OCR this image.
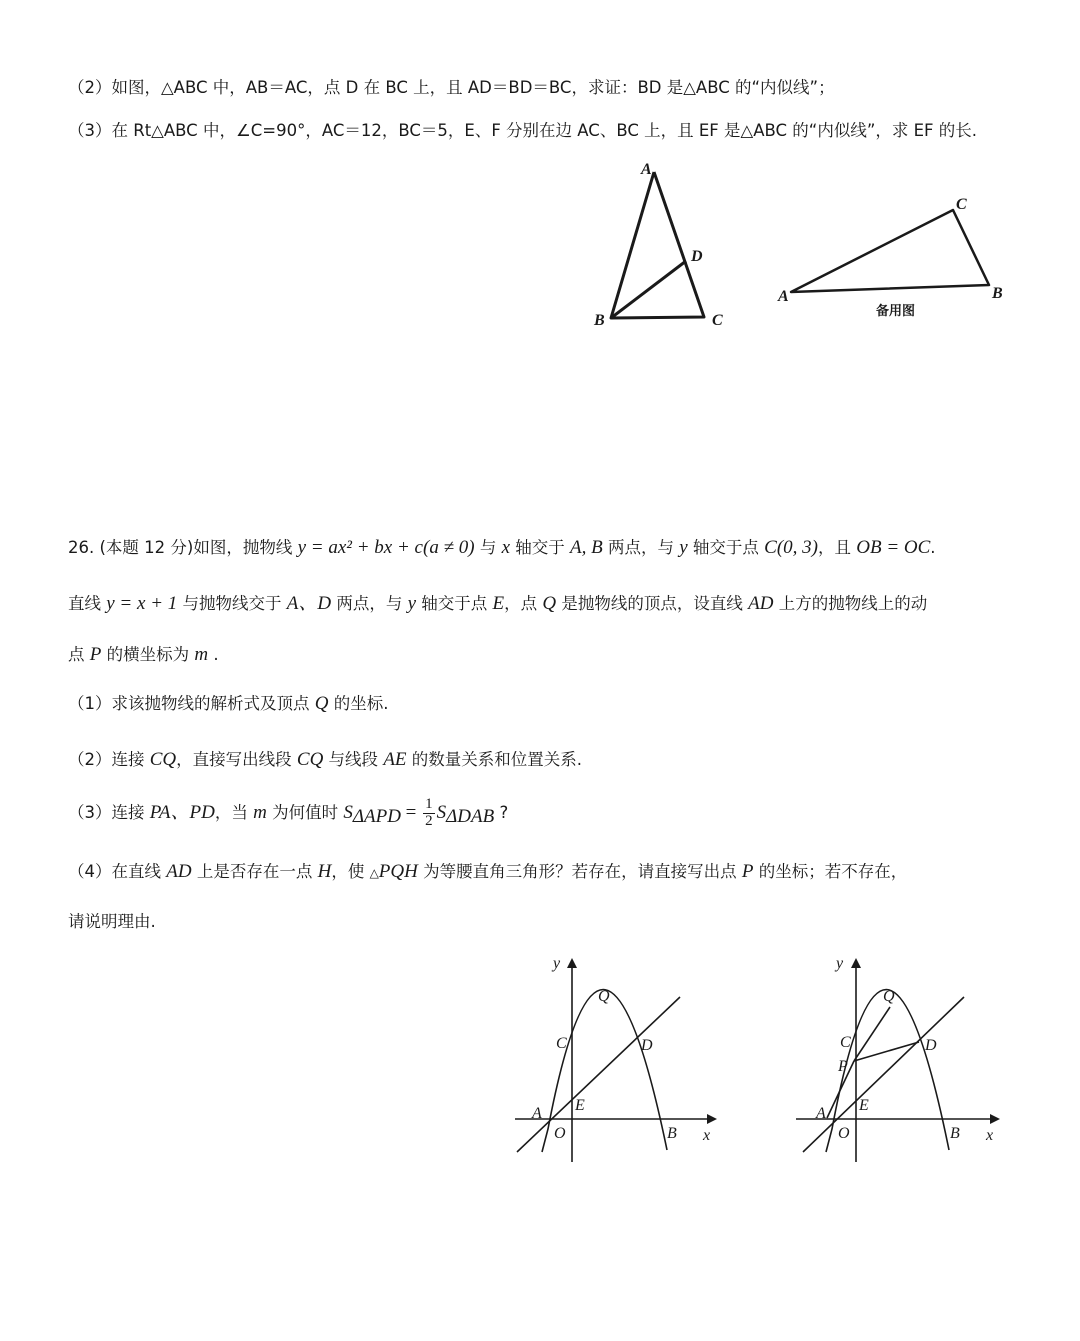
（2）如图，△ABC 中，AB＝AC，点 D 在 BC 上，且 AD＝BD＝BC，求证：BD 是△ABC 的“内似线”；
（3）在 Rt△ABC 中，∠C=90°，AC＝12，BC＝5，E、F 分别在边 AC、BC 上，且 EF 是△ABC 的“内似线”，求 EF 的长.
A
D
B	C
A
C
B
备用图
26. (本题 12 分)如图，抛物线 y = ax² + bx + c(a ≠ 0) 与 x 轴交于 A, B 两点，与 y 轴交于点 C(0, 3)，且 OB = OC.
直线 y = x + 1 与抛物线交于 A、D 两点，与 y 轴交于点 E，点 Q 是抛物线的顶点，设直线 AD 上方的抛物线上的动
点 P 的横坐标为 m .
（1）求该抛物线的解析式及顶点 Q 的坐标.
（2）连接 CQ，直接写出线段 CQ 与线段 AE 的数量关系和位置关系.
（3）连接 PA、PD，当 m 为何值时 $S_{\Delta APD} = \frac{1}{2} S_{\Delta DAB}$ ?
（4）在直线 AD 上是否存在一点 H，使 △PQH 为等腰直角三角形？若存在，请直接写出点 P 的坐标；若不存在，
请说明理由.
y
Q
C	D
E
A
O	B x
y
Q
C
P
D
E
A
O	B x
